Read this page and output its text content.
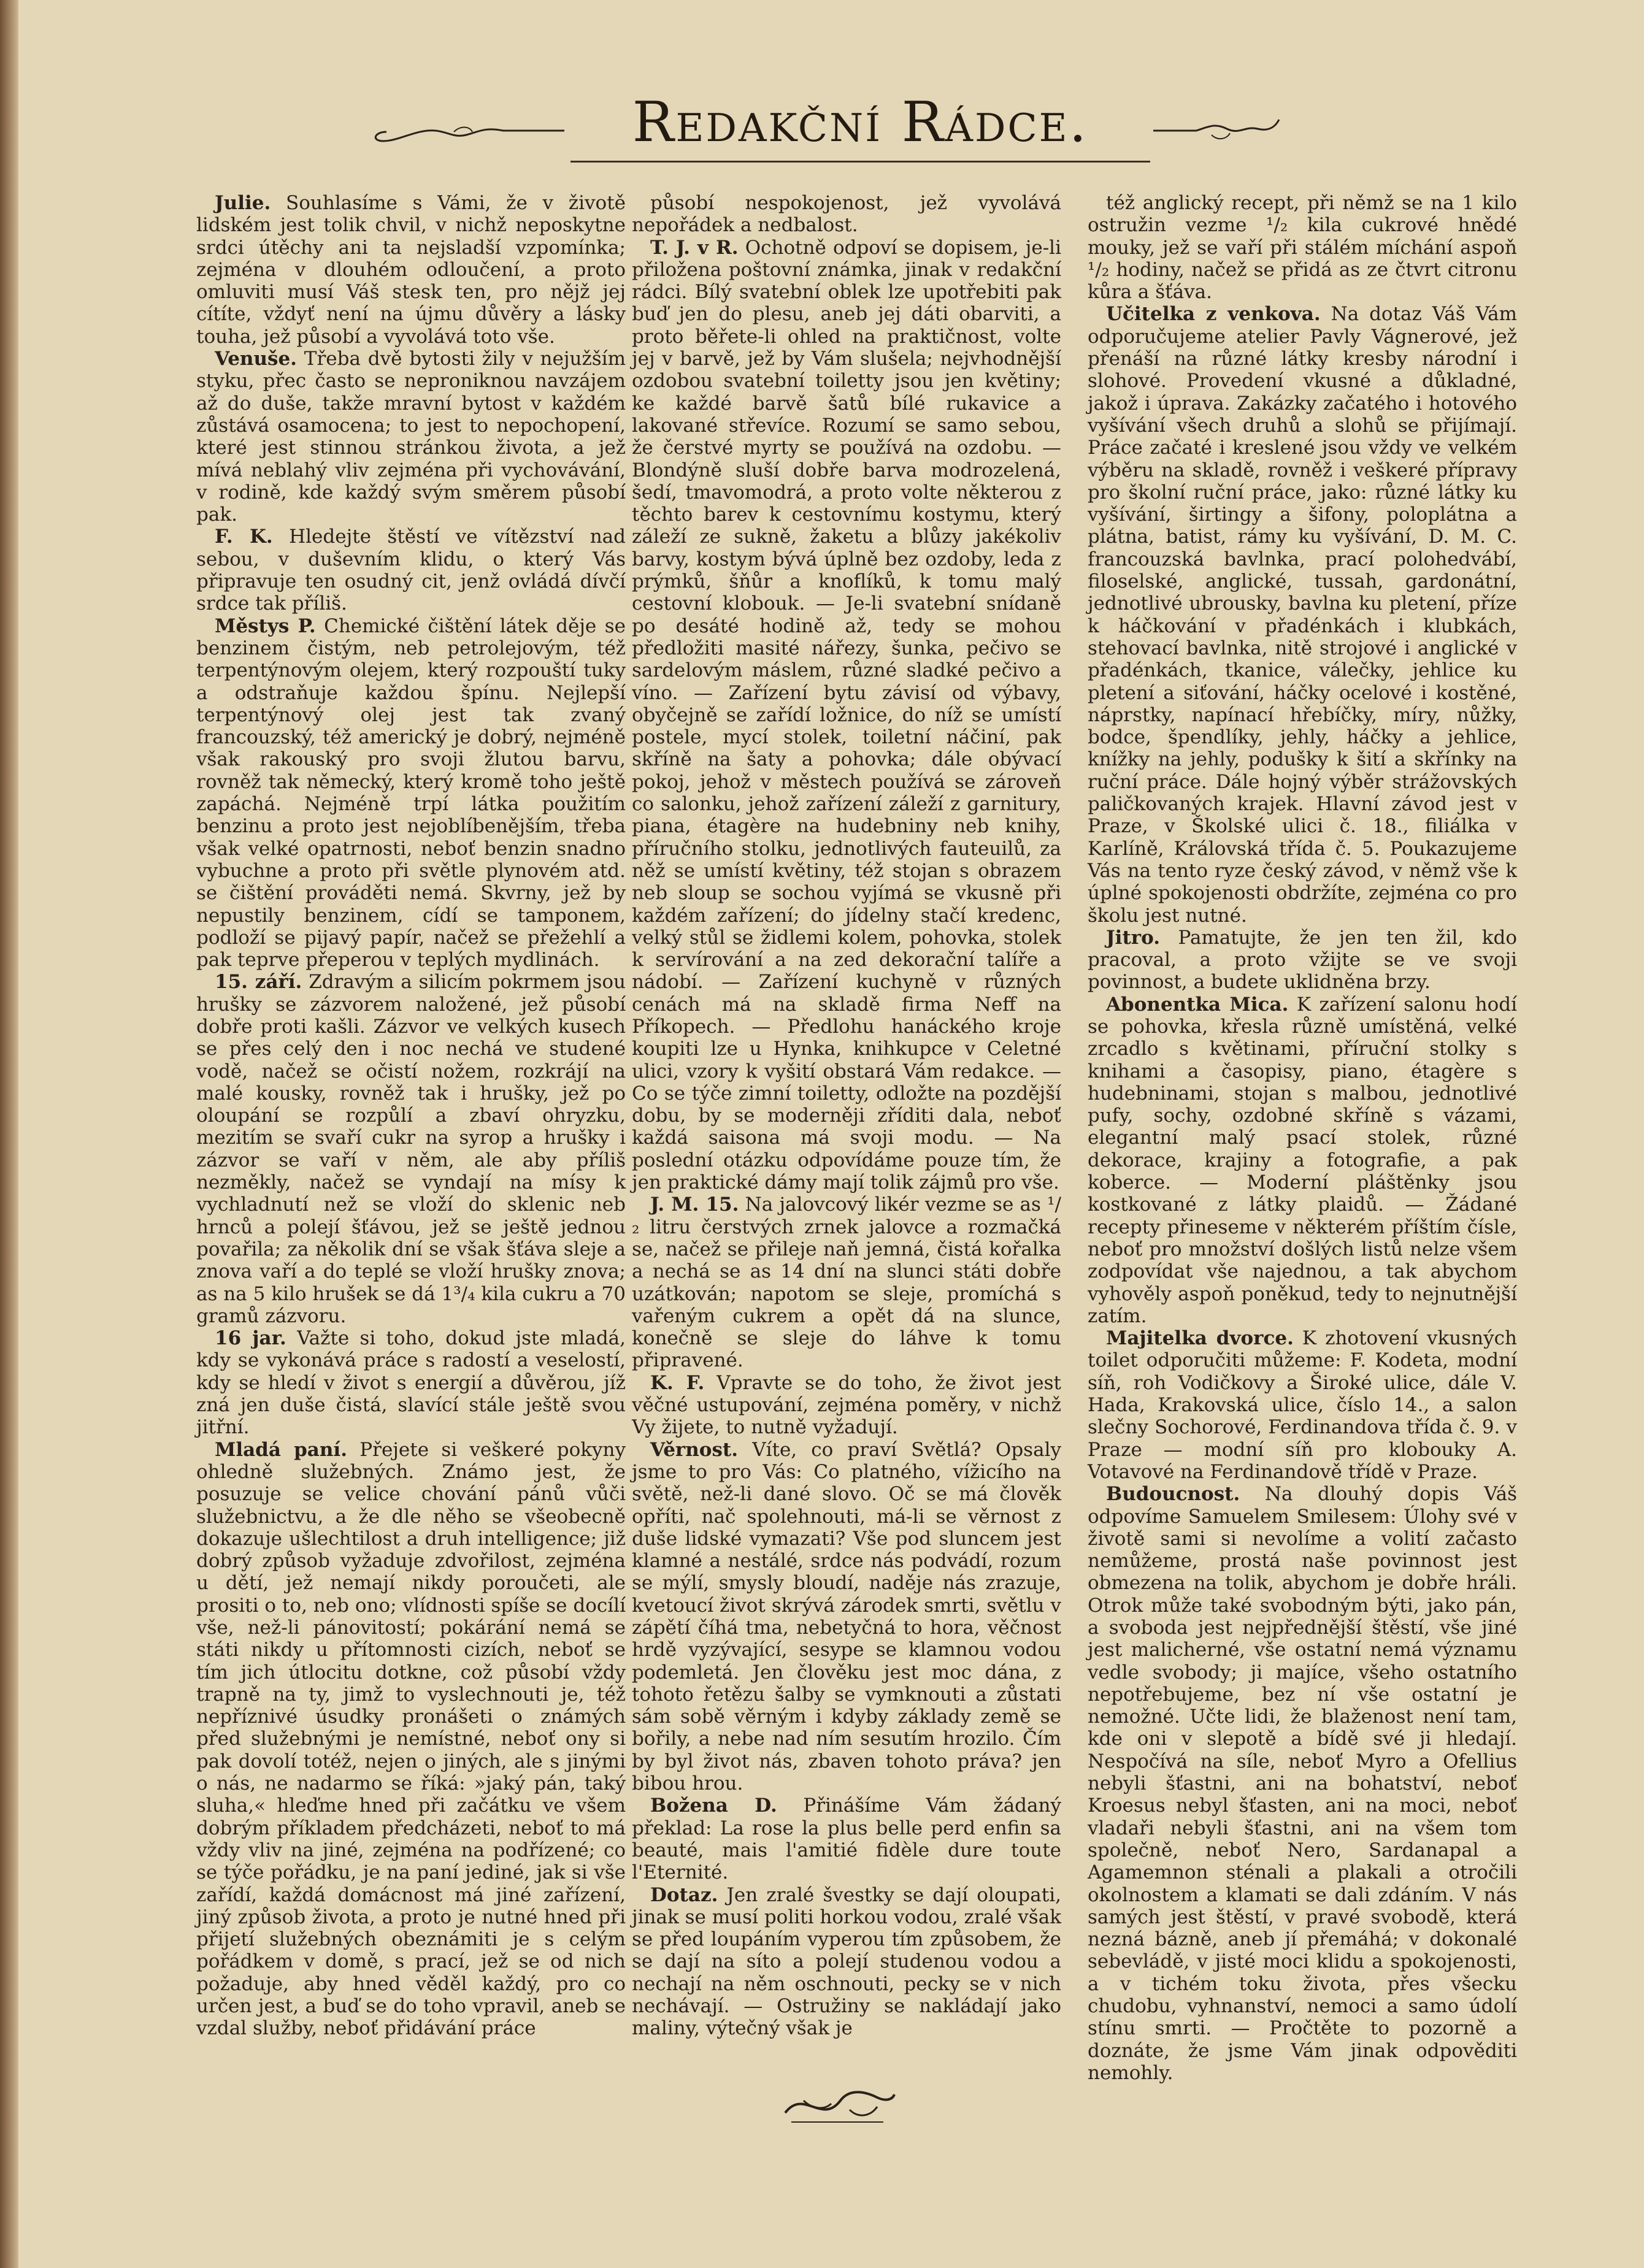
Redakční Rádce.

Julie. Souhlasíme s Vámi, že v životě lidském jest tolik chvil, v nichž neposkytne srdci útěchy ani ta nejsladší vzpomínka; zejména v dlouhém odloučení, a proto omluviti musí Váš stesk ten, pro nějž jej cítíte, vždyť není na újmu důvěry a lásky touha, jež působí a vyvolává toto vše.

Venuše. Třeba dvě bytosti žily v nejužším styku, přec často se neproniknou navzájem až do duše, takže mravní bytost v každém zůstává osamocena; to jest to nepochopení, které jest stinnou stránkou života, a jež mívá neblahý vliv zejména při vychovávání, v rodině, kde každý svým směrem působí pak.

F. K. Hledejte štěstí ve vítězství nad sebou, v duševním klidu, o který Vás připravuje ten osudný cit, jenž ovládá dívčí srdce tak příliš.

Městys P. Chemické čištění látek děje se benzinem čistým, neb petrolejovým, též terpentýnovým olejem, který rozpouští tuky a odstraňuje každou špínu. Nejlepší terpentýnový olej jest tak zvaný francouzský, též americký je dobrý, nejméně však rakouský pro svoji žlutou barvu, rovněž tak německý, který kromě toho ještě zapáchá. Nejméně trpí látka použitím benzinu a proto jest nejoblíbenějším, třeba však velké opatrnosti, neboť benzin snadno vybuchne a proto při světle plynovém atd. se čištění prováděti nemá. Skvrny, jež by nepustily benzinem, cídí se tamponem, podloží se pijavý papír, načež se přežehlí a pak teprve přeperou v teplých mydlinách.

15. září. Zdravým a silicím pokrmem jsou hrušky se zázvorem naložené, jež působí dobře proti kašli. Zázvor ve velkých kusech se přes celý den i noc nechá ve studené vodě, načež se očistí nožem, rozkrájí na malé kousky, rovněž tak i hrušky, jež po oloupání se rozpůlí a zbaví ohryzku, mezitím se svaří cukr na syrop a hrušky i zázvor se vaří v něm, ale aby příliš nezměkly, načež se vyndají na mísy k vychladnutí než se vloží do sklenic neb hrnců a polejí šťávou, jež se ještě jednou povařila; za několik dní se však šťáva sleje a znova vaří a do teplé se vloží hrušky znova; as na 5 kilo hrušek se dá 1³/₄ kila cukru a 70 gramů zázvoru.

16 jar. Važte si toho, dokud jste mladá, kdy se vykonává práce s radostí a veselostí, kdy se hledí v život s energií a důvěrou, jíž zná jen duše čistá, slavící stále ještě svou jitřní.

Mladá paní. Přejete si veškeré pokyny ohledně služebných. Známo jest, že posuzuje se velice chování pánů vůči služebnictvu, a že dle něho se všeobecně dokazuje ušlechtilost a druh intelligence; již dobrý způsob vyžaduje zdvořilost, zejména u dětí, jež nemají nikdy poroučeti, ale prositi o to, neb ono; vlídnosti spíše se docílí vše, než-li pánovitostí; pokárání nemá se státi nikdy u přítomnosti cizích, neboť se tím jich útlocitu dotkne, což působí vždy trapně na ty, jimž to vyslechnouti je, též nepříznivé úsudky pronášeti o známých před služebnými je nemístné, neboť ony si pak dovolí totéž, nejen o jiných, ale s jinými o nás, ne nadarmo se říká: »jaký pán, taký sluha,« hleďme hned při začátku ve všem dobrým příkladem předcházeti, neboť to má vždy vliv na jiné, zejména na podřízené; co se týče pořádku, je na paní jediné, jak si vše zařídí, každá domácnost má jiné zařízení, jiný způsob života, a proto je nutné hned při přijetí služebných obeznámiti je s celým pořádkem v domě, s prací, jež se od nich požaduje, aby hned věděl každý, pro co určen jest, a buď se do toho vpravil, aneb se vzdal služby, neboť přidávání práce

působí nespokojenost, jež vyvolává nepořádek a nedbalost.

T. J. v R. Ochotně odpoví se dopisem, je-li přiložena poštovní známka, jinak v redakční rádci. Bílý svatební oblek lze upotřebiti pak buď jen do plesu, aneb jej dáti obarviti, a proto běřete-li ohled na praktičnost, volte jej v barvě, jež by Vám slušela; nejvhodnější ozdobou svatební toiletty jsou jen květiny; ke každé barvě šatů bílé rukavice a lakované střevíce. Rozumí se samo sebou, že čerstvé myrty se používá na ozdobu. — Blondýně sluší dobře barva modrozelená, šedí, tmavomodrá, a proto volte některou z těchto barev k cestovnímu kostymu, který záleží ze sukně, žaketu a blůzy jakékoliv barvy, kostym bývá úplně bez ozdoby, leda z prýmků, šňůr a knoflíků, k tomu malý cestovní klobouk. — Je-li svatební snídaně po desáté hodině až, tedy se mohou předložiti masité nářezy, šunka, pečivo se sardelovým máslem, různé sladké pečivo a víno. — Zařízení bytu závisí od výbavy, obyčejně se zařídí ložnice, do níž se umístí postele, mycí stolek, toiletní náčiní, pak skříně na šaty a pohovka; dále obývací pokoj, jehož v městech používá se zároveň co salonku, jehož zařízení záleží z garnitury, piana, étagère na hudebniny neb knihy, příručního stolku, jednotlivých fauteuilů, za něž se umístí květiny, též stojan s obrazem neb sloup se sochou vyjímá se vkusně při každém zařízení; do jídelny stačí kredenc, velký stůl se židlemi kolem, pohovka, stolek k servírování a na zed dekorační talíře a nádobí. — Zařízení kuchyně v různých cenách má na skladě firma Neff na Příkopech. — Předlohu hanáckého kroje koupiti lze u Hynka, knihkupce v Celetné ulici, vzory k vyšití obstará Vám redakce. — Co se týče zimní toiletty, odložte na pozdější dobu, by se moderněji zříditi dala, neboť každá saisona má svoji modu. — Na poslední otázku odpovídáme pouze tím, že jen praktické dámy mají tolik zájmů pro vše.

J. M. 15. Na jalovcový likér vezme se as ¹/₂ litru čerstvých zrnek jalovce a rozmačká se, načež se přileje naň jemná, čistá kořalka a nechá se as 14 dní na slunci státi dobře uzátkován; napotom se sleje, promíchá s vařeným cukrem a opět dá na slunce, konečně se sleje do láhve k tomu připravené.

K. F. Vpravte se do toho, že život jest věčné ustupování, zejména poměry, v nichž Vy žijete, to nutně vyžadují.

Věrnost. Víte, co praví Světlá? Opsaly jsme to pro Vás: Co platného, vížicího na světě, než-li dané slovo. Oč se má člověk opříti, nač spolehnouti, má-li se věrnost z duše lidské vymazati? Vše pod sluncem jest klamné a nestálé, srdce nás podvádí, rozum se mýlí, smysly bloudí, naděje nás zrazuje, kvetoucí život skrývá zárodek smrti, světlu v zápětí číhá tma, nebetyčná to hora, věčnost hrdě vyzývající, sesype se klamnou vodou podemletá. Jen člověku jest moc dána, z tohoto řetězu šalby se vymknouti a zůstati sám sobě věrným i kdyby základy země se bořily, a nebe nad ním sesutím hrozilo. Čím by byl život nás, zbaven tohoto práva? jen bibou hrou.

Božena D. Přinášíme Vám žádaný překlad: La rose la plus belle perd enfin sa beauté, mais l'amitié fidèle dure toute l'Eternité.

Dotaz. Jen zralé švestky se dají oloupati, jinak se musí politi horkou vodou, zralé však se před loupáním vyperou tím způsobem, že se dají na síto a polejí studenou vodou a nechají na něm oschnouti, pecky se v nich nechávají. — Ostružiny se nakládají jako maliny, výtečný však je

též anglický recept, při němž se na 1 kilo ostružin vezme ¹/₂ kila cukrové hnědé mouky, jež se vaří při stálém míchání aspoň ¹/₂ hodiny, načež se přidá as ze čtvrt citronu kůra a šťáva.

Učitelka z venkova. Na dotaz Váš Vám odporučujeme atelier Pavly Vágnerové, jež přenáší na různé látky kresby národní i slohové. Provedení vkusné a důkladné, jakož i úprava. Zakázky začatého i hotového vyšívání všech druhů a slohů se přijímají. Práce začaté i kreslené jsou vždy ve velkém výběru na skladě, rovněž i veškeré přípravy pro školní ruční práce, jako: různé látky ku vyšívání, širtingy a šifony, poloplátna a plátna, batist, rámy ku vyšívání, D. M. C. francouzská bavlnka, prací polohedvábí, filoselské, anglické, tussah, gardonátní, jednotlivé ubrousky, bavlna ku pletení, příze k háčkování v přadénkách i klubkách, stehovací bavlnka, nitě strojové i anglické v přadénkách, tkanice, válečky, jehlice ku pletení a siťování, háčky ocelové i kostěné, náprstky, napínací hřebíčky, míry, nůžky, bodce, špendlíky, jehly, háčky a jehlice, knížky na jehly, podušky k šití a skřínky na ruční práce. Dále hojný výběr strážovských paličkovaných krajek. Hlavní závod jest v Praze, v Školské ulici č. 18., filiálka v Karlíně, Královská třída č. 5. Poukazujeme Vás na tento ryze český závod, v němž vše k úplné spokojenosti obdržíte, zejména co pro školu jest nutné.

Jitro. Pamatujte, že jen ten žil, kdo pracoval, a proto vžijte se ve svoji povinnost, a budete uklidněna brzy.

Abonentka Mica. K zařízení salonu hodí se pohovka, křesla různě umístěná, velké zrcadlo s květinami, příruční stolky s knihami a časopisy, piano, étagère s hudebninami, stojan s malbou, jednotlivé pufy, sochy, ozdobné skříně s vázami, elegantní malý psací stolek, různé dekorace, krajiny a fotografie, a pak koberce. — Moderní pláštěnky jsou kostkované z látky plaidů. — Žádané recepty přineseme v některém příštím čísle, neboť pro množství došlých listů nelze všem zodpovídat vše najednou, a tak abychom vyhověly aspoň poněkud, tedy to nejnutnější zatím.

Majitelka dvorce. K zhotovení vkusných toilet odporučiti můžeme: F. Kodeta, modní síň, roh Vodičkovy a Široké ulice, dále V. Hada, Krakovská ulice, číslo 14., a salon slečny Sochorové, Ferdinandova třída č. 9. v Praze — modní síň pro klobouky A. Votavové na Ferdinandově třídě v Praze.

Budoucnost. Na dlouhý dopis Váš odpovíme Samuelem Smilesem: Úlohy své v životě sami si nevolíme a volití začasto nemůžeme, prostá naše povinnost jest obmezena na tolik, abychom je dobře hráli. Otrok může také svobodným býti, jako pán, a svoboda jest nejpřednější štěstí, vše jiné jest malicherné, vše ostatní nemá významu vedle svobody; ji majíce, všeho ostatního nepotřebujeme, bez ní vše ostatní je nemožné. Učte lidi, že blaženost není tam, kde oni v slepotě a bídě své ji hledají. Nespočívá na síle, neboť Myro a Ofellius nebyli šťastni, ani na bohatství, neboť Kroesus nebyl šťasten, ani na moci, neboť vladaři nebyli šťastni, ani na všem tom společně, neboť Nero, Sardanapal a Agamemnon sténali a plakali a otročili okolnostem a klamati se dali zdáním. V nás samých jest štěstí, v pravé svobodě, která nezná bázně, aneb jí přemáhá; v dokonalé sebevládě, v jisté moci klidu a spokojenosti, a v tichém toku života, přes všecku chudobu, vyhnanství, nemoci a samo údolí stínu smrti. — Pročtěte to pozorně a doznáte, že jsme Vám jinak odpověditi nemohly.
